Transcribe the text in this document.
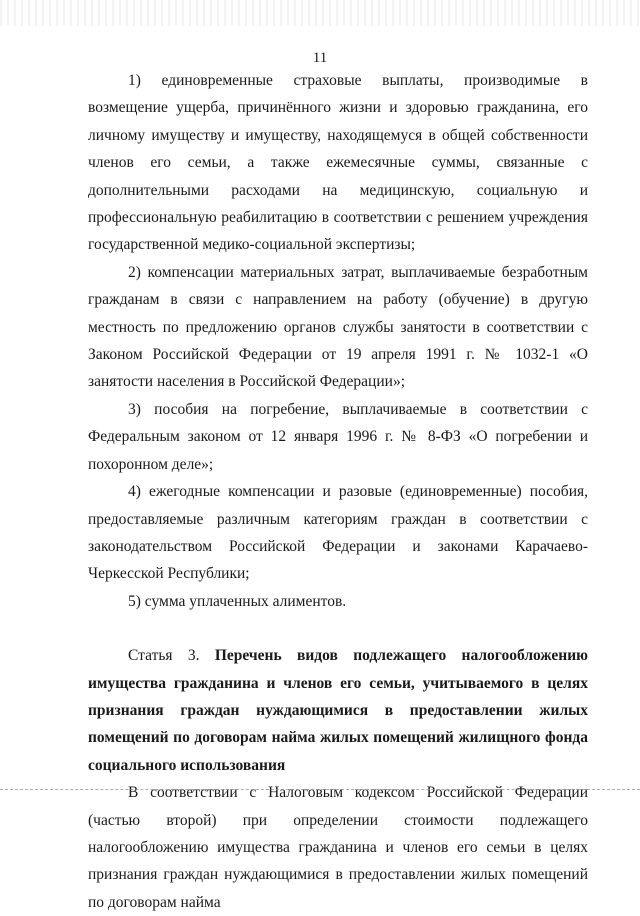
11

1) единовременные страховые выплаты, производимые в возмещение ущерба, причинённого жизни и здоровью гражданина, его личному имуществу и имуществу, находящемуся в общей собственности членов его семьи, а также ежемесячные суммы, связанные с дополнительными расходами на медицинскую, социальную и профессиональную реабилитацию в соответствии с решением учреждения государственной медико-социальной экспертизы;

2) компенсации материальных затрат, выплачиваемые безработным гражданам в связи с направлением на работу (обучение) в другую местность по предложению органов службы занятости в соответствии с Законом Российской Федерации от 19 апреля 1991 г. № 1032-1 «О занятости населения в Российской Федерации»;

3) пособия на погребение, выплачиваемые в соответствии с Федеральным законом от 12 января 1996 г. № 8-ФЗ «О погребении и похоронном деле»;

4) ежегодные компенсации и разовые (единовременные) пособия, предоставляемые различным категориям граждан в соответствии с законодательством Российской Федерации и законами Карачаево-Черкесской Республики;

5) сумма уплаченных алиментов.

Статья 3. Перечень видов подлежащего налогообложению имущества гражданина и членов его семьи, учитываемого в целях признания граждан нуждающимися в предоставлении жилых помещений по договорам найма жилых помещений жилищного фонда социального использования

В соответствии с Налоговым кодексом Российской Федерации (частью второй) при определении стоимости подлежащего налогообложению имущества гражданина и членов его семьи в целях признания граждан нуждающимися в предоставлении жилых помещений по договорам найма
